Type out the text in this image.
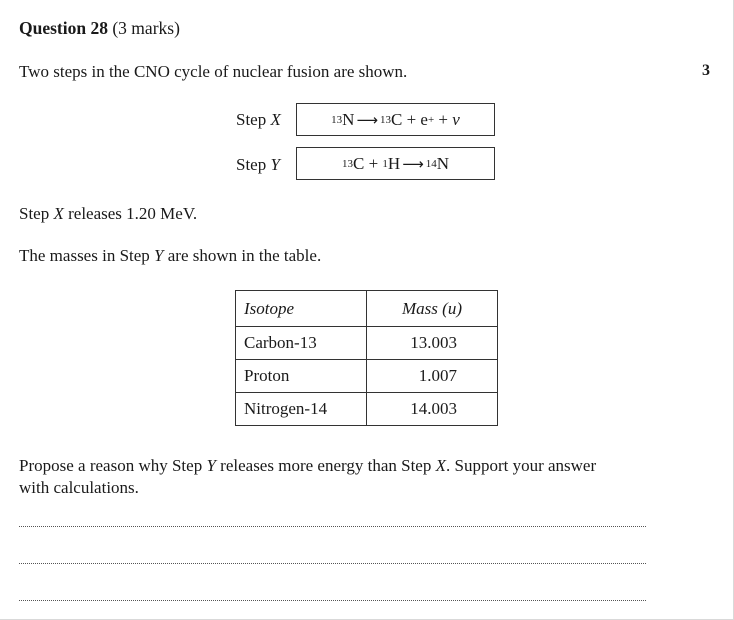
Question 28 (3 marks)
3
Two steps in the CNO cycle of nuclear fusion are shown.
Step X	13 N ⟶ 13 C
+
e +
+
v
Step Y	13 C
+
1 H ⟶ 14 N
Step X releases 1.20 MeV.
The masses in Step Y are shown in the table.
Isotope	Mass (u)
Carbon-13	13.003
Proton	1.007
Nitrogen-14	14.003
Propose a reason why Step Y releases more energy than Step X. Support your answer
with calculations.
